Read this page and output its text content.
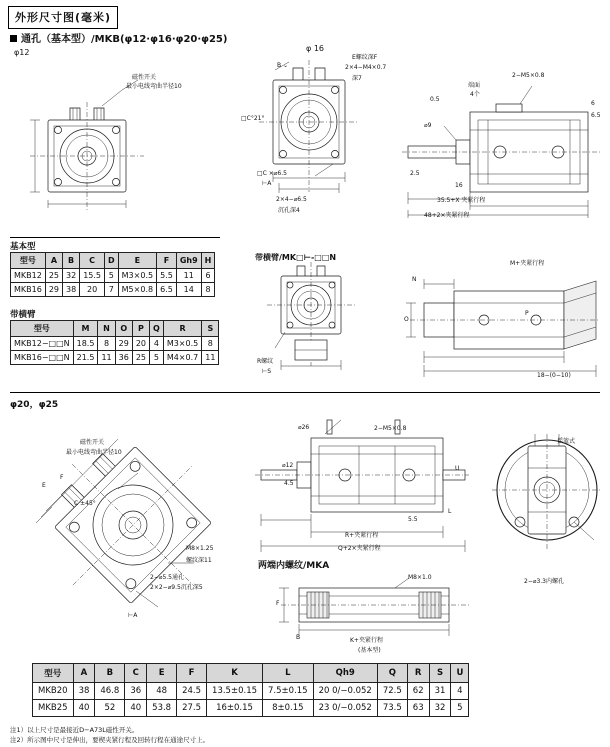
外形尺寸图(毫米)
通孔（基本型）/MKB(φ12·φ16·φ20·φ25)
φ12	φ 16
磁性开关
最小电线弯曲半径10
B ⌄
E螺纹深F
2×4−M4×0.7
深7
2×4−⌀6.5
沉孔深4
⊢A
□C ×⌀6.5
□C°21°
2−M5×0.8
端面
4个
⌀9
2.5
16
35.5+X 夹紧行程
48+2×夹紧行程
0.5
6
6.5
基本型
型号	A	B	C	D	E	F	Gh9	H
MKB12	25	32	15.5	5	M3×0.5	5.5	11	6
MKB16	29	38	20	7	M5×0.8	6.5	14	8
带横臂
型号	M	N	O	P	Q	R	S
MKB12−□□N	18.5	8	29	20	4	M3×0.5	8
MKB16−□□N	21.5	11	36	25	5	M4×0.7	11
带横臂/MK□⊢-□□N
R螺纹
⊢S
M+夹紧行程
N
O
P
18−(0−10)
φ20，φ25
磁性开关
最小电线弯曲半径10
E
F
C ±45°
M8×1.25
螺纹深11
2−⌀5.5通孔
2×2−⌀9.5沉孔深5
⊢A
⌀26	2−M5×0.8
⌀12
4.5
U
L
5.5
R+夹紧行程
Q+2×夹紧行程
揺篮式
2−⌀3.3内螺孔
两端内螺纹/MKA
M8×1.0
F
K+夹紧行程
(基本型)
B
型号	A	B	C	E	F	K	L	Qh9	Q	R	S	U
MKB20	38	46.8	36	48	24.5	13.5±0.15	7.5±0.15	20 0/−0.052	72.5	62	31	4
MKB25	40	52	40	53.8	27.5	16±0.15	8±0.15	23 0/−0.052	73.5	63	32	5
注1）以上尺寸是最接近D−A73L磁性开关。
注2）所示图中尺寸是伸出，要楔夹紧行程及回转行程在通途尺寸上。
